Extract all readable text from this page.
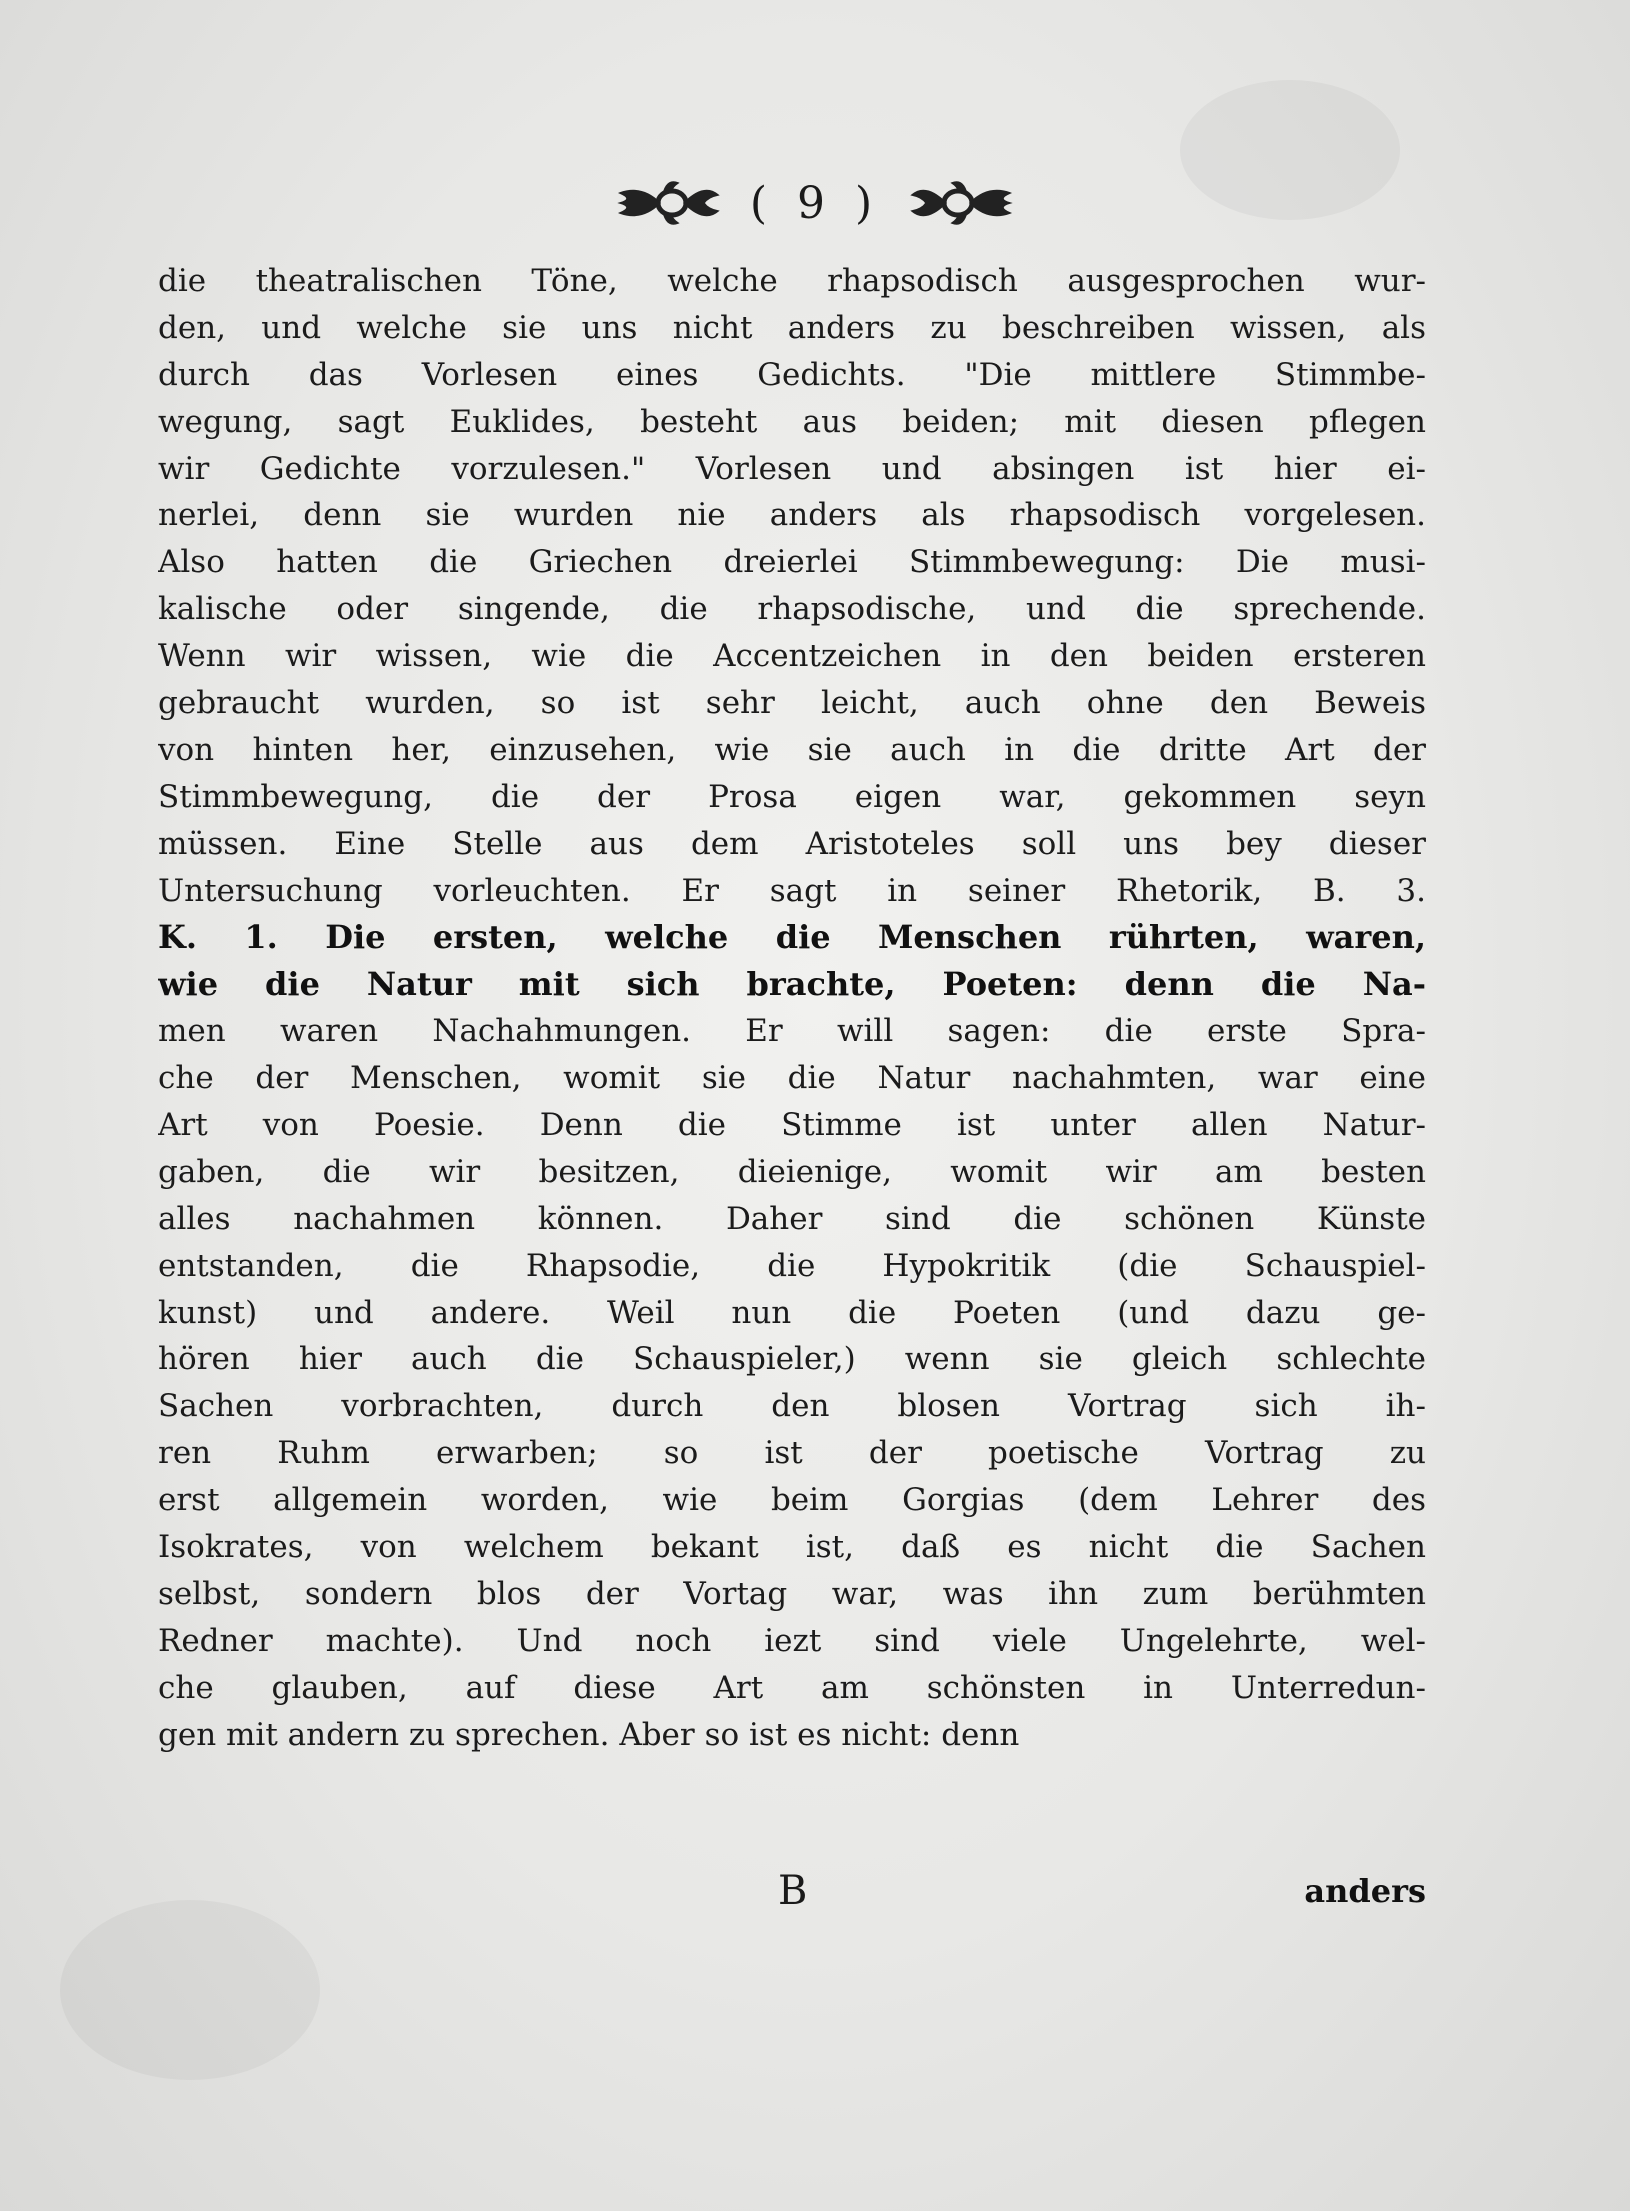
( 9 )
die theatralischen Töne, welche rhapsodisch ausgesprochen wur-
den, und welche sie uns nicht anders zu beschreiben wissen, als
durch das Vorlesen eines Gedichts. "Die mittlere Stimmbe-
wegung, sagt Euklides, besteht aus beiden; mit diesen pflegen
wir Gedichte vorzulesen." Vorlesen und absingen ist hier ei-
nerlei, denn sie wurden nie anders als rhapsodisch vorgelesen.
Also hatten die Griechen dreierlei Stimmbewegung: Die musi-
kalische oder singende, die rhapsodische, und die sprechende.
Wenn wir wissen, wie die Accentzeichen in den beiden ersteren
gebraucht wurden, so ist sehr leicht, auch ohne den Beweis
von hinten her, einzusehen, wie sie auch in die dritte Art der
Stimmbewegung, die der Prosa eigen war, gekommen seyn
müssen. Eine Stelle aus dem Aristoteles soll uns bey dieser
Untersuchung vorleuchten. Er sagt in seiner Rhetorik, B. 3.
K. 1. Die ersten, welche die Menschen rührten, waren,
wie die Natur mit sich brachte, Poeten: denn die Na-
men waren Nachahmungen. Er will sagen: die erste Spra-
che der Menschen, womit sie die Natur nachahmten, war eine
Art von Poesie. Denn die Stimme ist unter allen Natur-
gaben, die wir besitzen, dieienige, womit wir am besten
alles nachahmen können. Daher sind die schönen Künste
entstanden, die Rhapsodie, die Hypokritik (die Schauspiel-
kunst) und andere. Weil nun die Poeten (und dazu ge-
hören hier auch die Schauspieler,) wenn sie gleich schlechte
Sachen vorbrachten, durch den blosen Vortrag sich ih-
ren Ruhm erwarben; so ist der poetische Vortrag zu
erst allgemein worden, wie beim Gorgias (dem Lehrer des
Isokrates, von welchem bekant ist, daß es nicht die Sachen
selbst, sondern blos der Vortag war, was ihn zum berühmten
Redner machte). Und noch iezt sind viele Ungelehrte, wel-
che glauben, auf diese Art am schönsten in Unterredun-
gen mit andern zu sprechen. Aber so ist es nicht: denn
B	anders
